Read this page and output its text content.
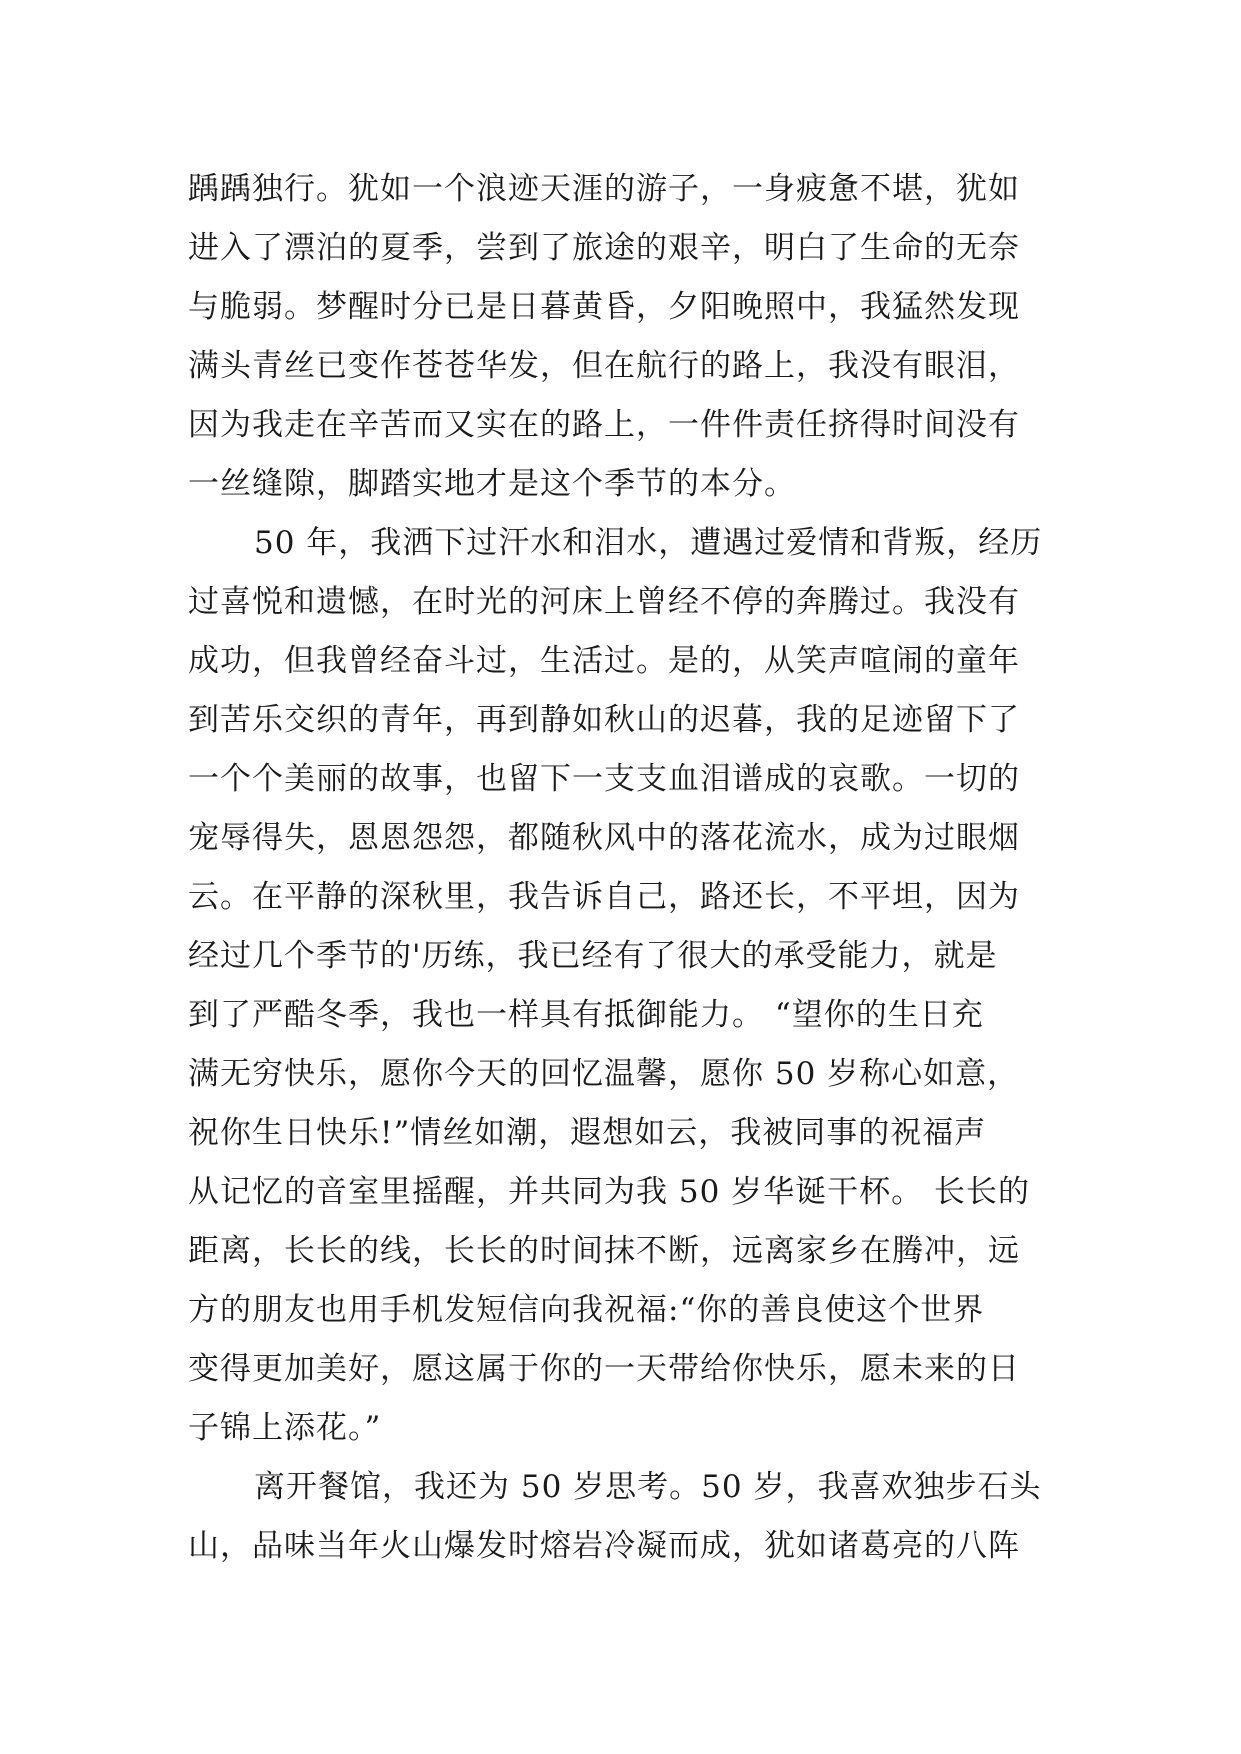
踽踽独行。犹如一个浪迹天涯的游子，一身疲惫不堪，犹如
进入了漂泊的夏季，尝到了旅途的艰辛，明白了生命的无奈
与脆弱。梦醒时分已是日暮黄昏，夕阳晚照中，我猛然发现
满头青丝已变作苍苍华发，但在航行的路上，我没有眼泪，
因为我走在辛苦而又实在的路上，一件件责任挤得时间没有
一丝缝隙，脚踏实地才是这个季节的本分。
50 年，我洒下过汗水和泪水，遭遇过爱情和背叛，经历
过喜悦和遗憾，在时光的河床上曾经不停的奔腾过。我没有
成功，但我曾经奋斗过，生活过。是的，从笑声喧闹的童年
到苦乐交织的青年，再到静如秋山的迟暮，我的足迹留下了
一个个美丽的故事，也留下一支支血泪谱成的哀歌。一切的
宠辱得失，恩恩怨怨，都随秋风中的落花流水，成为过眼烟
云。在平静的深秋里，我告诉自己，路还长，不平坦，因为
经过几个季节的'历练，我已经有了很大的承受能力，就是
到了严酷冬季，我也一样具有抵御能力。 “望你的生日充
满无穷快乐，愿你今天的回忆温馨，愿你 50 岁称心如意，
祝你生日快乐!”情丝如潮，遐想如云，我被同事的祝福声
从记忆的音室里摇醒，并共同为我 50 岁华诞干杯。 长长的
距离，长长的线，长长的时间抹不断，远离家乡在腾冲，远
方的朋友也用手机发短信向我祝福:“你的善良使这个世界
变得更加美好，愿这属于你的一天带给你快乐，愿未来的日
子锦上添花。”
离开餐馆，我还为 50 岁思考。50 岁，我喜欢独步石头
山，品味当年火山爆发时熔岩冷凝而成，犹如诸葛亮的八阵
